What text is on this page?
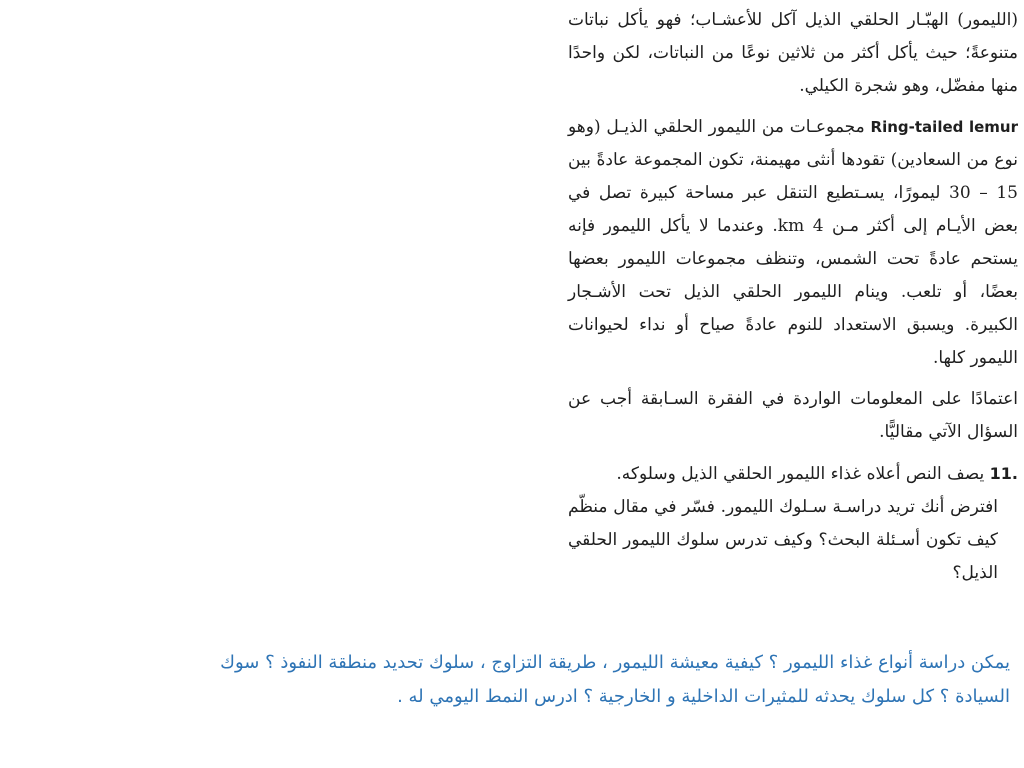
(الليمور) الهبّـار الحلقي الذيل آكل للأعشـاب؛ فهو يأكل نباتات متنوعةً؛ حيث يأكل أكثر من ثلاثين نوعًا من النباتات، لكن واحدًا منها مفضّل، وهو شجرة الكيلي.

Ring-tailed lemur مجموعـات من الليمور الحلقي الذيـل (وهو نوع من السعادين) تقودها أنثى مهيمنة، تكون المجموعة عادةً بين 15 – 30 ليمورًا، يسـتطيع التنقل عبر مساحة كبيرة تصل في بعض الأيـام إلى أكثر مـن 4 km. وعندما لا يأكل الليمور فإنه يستحم عادةً تحت الشمس، وتنظف مجموعات الليمور بعضها بعضًا، أو تلعب. وينام الليمور الحلقي الذيل تحت الأشـجار الكبيرة. ويسبق الاستعداد للنوم عادةً صياح أو نداء لحيوانات الليمور كلها.

اعتمادًا على المعلومات الواردة في الفقرة السـابقة أجب عن السؤال الآتي مقاليًّا.

11. يصف النص أعلاه غذاء الليمور الحلقي الذيل وسلوكه.
افترض أنك تريد دراسـة سـلوك الليمور. فسّر في مقال منظّم كيف تكون أسـئلة البحث؟ وكيف تدرس سلوك الليمور الحلقي الذيل؟
يمكن دراسة أنواع غذاء الليمور ؟ كيفية معيشة الليمور ، طريقة التزاوج ، سلوك تحديد منطقة النفوذ ؟ سوك
السيادة ؟ كل سلوك يحدثه للمثيرات الداخلية و الخارجية ؟ ادرس النمط اليومي له .
